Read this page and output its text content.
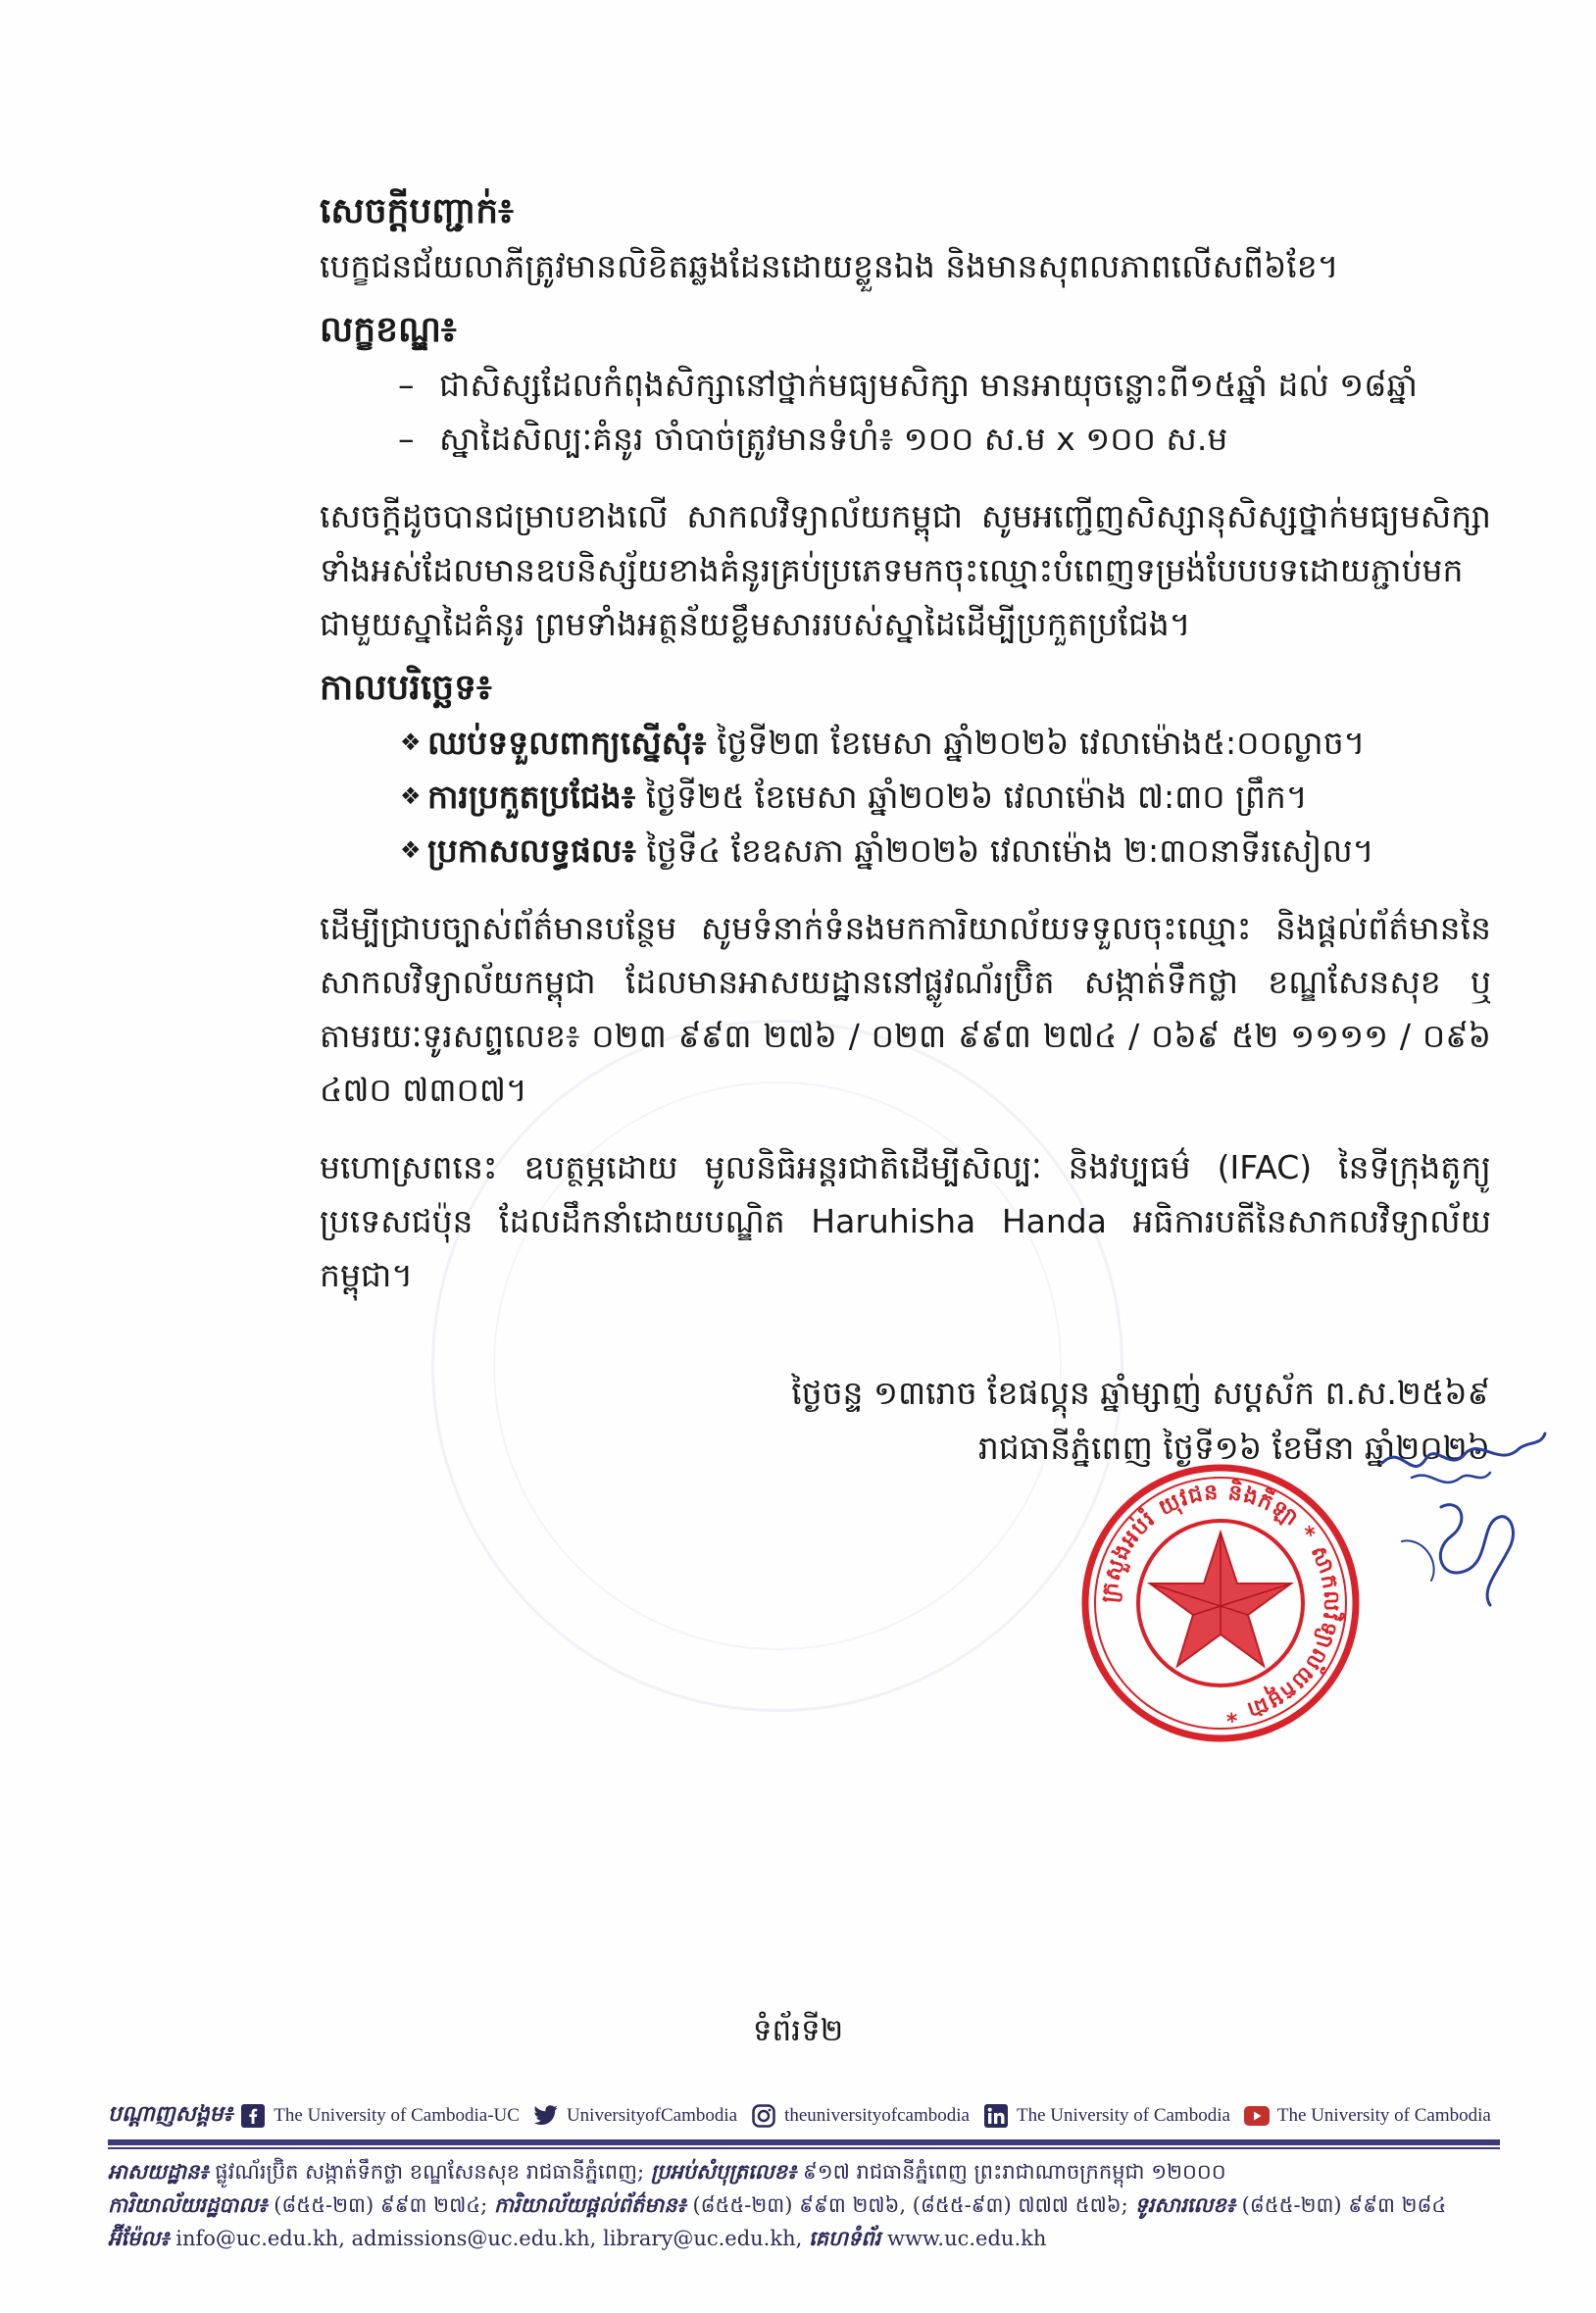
សេចក្តីបញ្ជាក់៖

បេក្ខជនជ័យលាភីត្រូវមានលិខិតឆ្លងដែនដោយខ្លួនឯង និងមានសុពលភាពលើសពី៦ខែ។

លក្ខខណ្ឌ៖

– ជាសិស្សដែលកំពុងសិក្សានៅថ្នាក់មធ្យមសិក្សា មានអាយុចន្លោះពី១៥ឆ្នាំ ដល់ ១៨ឆ្នាំ
– ស្នាដៃសិល្បៈគំនូរ ចាំបាច់ត្រូវមានទំហំ៖ ១០០ ស.ម x ១០០ ស.ម

សេចក្តីដូចបានជម្រាបខាងលើ សាកលវិទ្យាល័យកម្ពុជា សូមអញ្ជើញសិស្សានុសិស្សថ្នាក់មធ្យមសិក្សាទាំងអស់ដែលមានឧបនិស្ស័យខាងគំនូរគ្រប់ប្រភេទមកចុះឈ្មោះបំពេញទម្រង់បែបបទដោយភ្ជាប់មកជាមួយស្នាដៃគំនូរ ព្រមទាំងអត្ថន័យខ្លឹមសាររបស់ស្នាដៃដើម្បីប្រកួតប្រជែង។

កាលបរិច្ឆេទ៖

❖ ឈប់ទទួលពាក្យស្នើសុំ៖ ថ្ងៃទី២៣ ខែមេសា ឆ្នាំ២០២៦ វេលាម៉ោង៥:០០ល្ងាច។
❖ ការប្រកួតប្រជែង៖ ថ្ងៃទី២៥ ខែមេសា ឆ្នាំ២០២៦ វេលាម៉ោង ៧:៣០ ព្រឹក។
❖ ប្រកាសលទ្ធផល៖ ថ្ងៃទី៤ ខែឧសភា ឆ្នាំ២០២៦ វេលាម៉ោង ២:៣០នាទីរសៀល។

ដើម្បីជ្រាបច្បាស់ព័ត៌មានបន្ថែម សូមទំនាក់ទំនងមកការិយាល័យទទួលចុះឈ្មោះ និងផ្តល់ព័ត៌មាននៃសាកលវិទ្យាល័យកម្ពុជា ដែលមានអាសយដ្ឋាននៅផ្លូវណ័រប្រ៊ិត សង្កាត់ទឹកថ្លា ខណ្ឌសែនសុខ ឬ តាមរយៈទូរសព្ទលេខ៖ ០២៣ ៩៩៣ ២៧៦ / ០២៣ ៩៩៣ ២៧៤ / ០៦៩ ៥២ ១១១១ / ០៩៦ ៤៧០ ៧៣០៧។

មហោស្រពនេះ ឧបត្ថម្ភដោយ មូលនិធិអន្តរជាតិដើម្បីសិល្បៈ និងវប្បធម៌ (IFAC) នៃទីក្រុងតូក្យូ ប្រទេសជប៉ុន ដែលដឹកនាំដោយបណ្ឌិត Haruhisha Handa អធិការបតីនៃសាកលវិទ្យាល័យកម្ពុជា។

ថ្ងៃចន្ទ ១៣រោច ខែផល្គុន ឆ្នាំម្សាញ់ សប្តស័ក ព.ស.២៥៦៩
រាជធានីភ្នំពេញ ថ្ងៃទី១៦ ខែមីនា ឆ្នាំ២០២៦
ក្រសួងអប់រំ យុវជន និងកីឡា * សាកលវិទ្យាល័យកម្ពុជា *
ទំព័រទី២
បណ្តាញសង្គម៖ The University of Cambodia-UC	UniversityofCambodia	theuniversityofcambodia	The University of Cambodia	The University of Cambodia
អាសយដ្ឋាន៖ ផ្លូវណ័រប្រ៊ិត សង្កាត់ទឹកថ្លា ខណ្ឌសែនសុខ រាជធានីភ្នំពេញ; ប្រអប់សំបុត្រលេខ៖ ៩១៧ រាជធានីភ្នំពេញ ព្រះរាជាណាចក្រកម្ពុជា ១២០០០
ការិយាល័យរដ្ឋបាល៖ (៨៥៥-២៣) ៩៩៣ ២៧៤; ការិយាល័យផ្តល់ព័ត៌មាន៖ (៨៥៥-២៣) ៩៩៣ ២៧៦, (៨៥៥-៩៣) ៧៧៧ ៥៧៦; ទូរសារលេខ៖ (៨៥៥-២៣) ៩៩៣ ២៨៤
អ៊ីម៉ែល៖ info@uc.edu.kh, admissions@uc.edu.kh, library@uc.edu.kh, គេហទំព័រ www.uc.edu.kh
